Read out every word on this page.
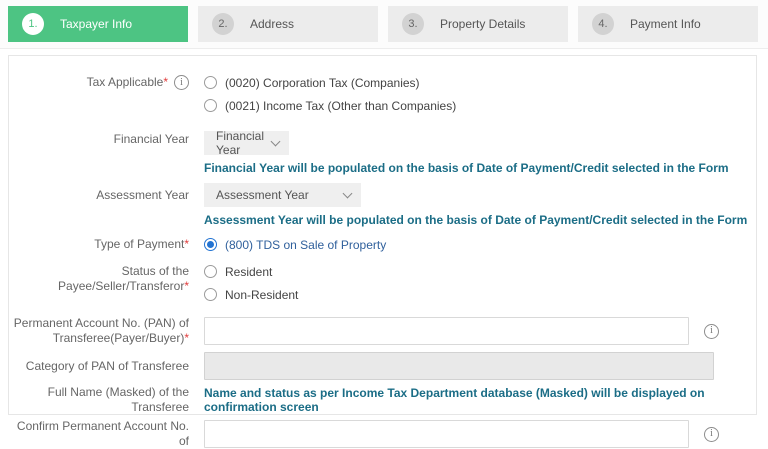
1.	Taxpayer Info	2.	Address	3.	Property Details	4.	Payment Info
Tax Applicable*	i	(0020) Corporation Tax (Companies)
(0021) Income Tax (Other than Companies)
Financial Year	Financial Year
Financial Year will be populated on the basis of Date of Payment/Credit selected in the Form
Assessment Year	Assessment Year
Assessment Year will be populated on the basis of Date of Payment/Credit selected in the Form
Type of Payment*	(800) TDS on Sale of Property
Status of the
Payee/Seller/Transferor*
Resident
Non-Resident
Permanent Account No. (PAN) of
Transferee(Payer/Buyer)*
i
Category of PAN of Transferee
Full Name (Masked) of the
Transferee
Name and status as per Income Tax Department database (Masked) will be displayed on confirmation screen
Confirm Permanent Account No. of
i
